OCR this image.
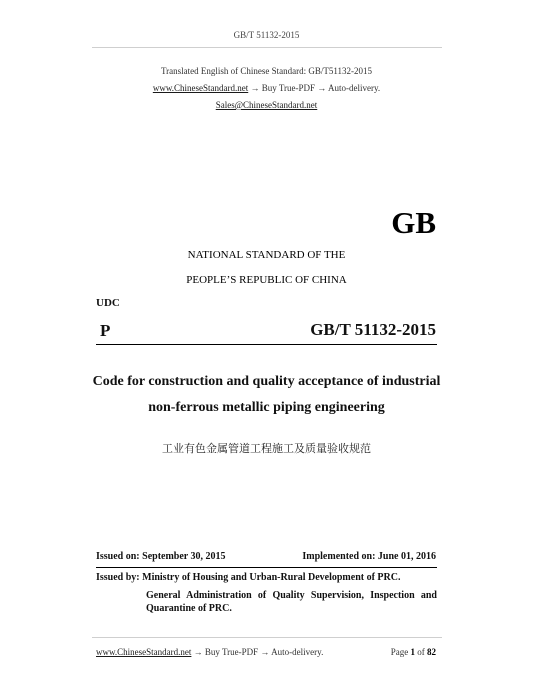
GB/T 51132-2015
Translated English of Chinese Standard: GB/T51132-2015
www.ChineseStandard.net → Buy True-PDF → Auto-delivery.
Sales@ChineseStandard.net
GB
NATIONAL STANDARD OF THE
PEOPLE’S REPUBLIC OF CHINA
UDC
P	GB/T 51132-2015
Code for construction and quality acceptance of industrial
non-ferrous metallic piping engineering
工业有色金属管道工程施工及质量验收规范
Issued on: September 30, 2015	Implemented on: June 01, 2016
Issued by: Ministry of Housing and Urban-Rural Development of PRC.
General Administration of Quality Supervision, Inspection and Quarantine of PRC.
www.ChineseStandard.net → Buy True-PDF → Auto-delivery.	Page 1 of 82
